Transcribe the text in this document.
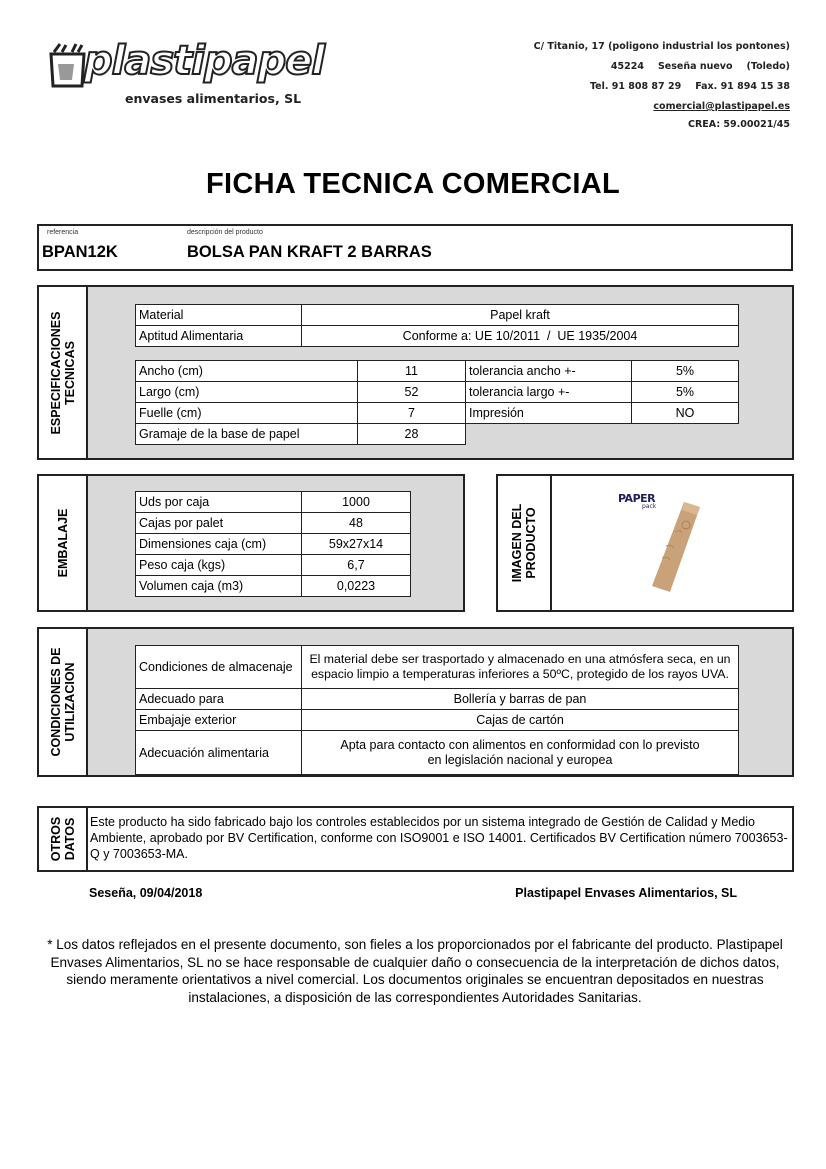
plastipapel
envases alimentarios, SL
C/ Titanio, 17 (poligono industrial los pontones)
45224 Seseña nuevo (Toledo)
Tel. 91 808 87 29 Fax. 91 894 15 38
comercial@plastipapel.es
CREA: 59.00021/45
FICHA TECNICA COMERCIAL
referencia
BPAN12K
descripción del producto
BOLSA PAN KRAFT 2 BARRAS
ESPECIFICACIONES TECNICAS
Material	Papel kraft
Aptitud Alimentaria	Conforme a: UE 10/2011  /  UE 1935/2004
Ancho (cm)	11	tolerancia ancho +-	5%
Largo (cm)	52	tolerancia largo +-	5%
Fuelle (cm)	7	Impresión	NO
Gramaje de la base de papel	28		
EMBALAJE
Uds por caja	1000
Cajas por palet	48
Dimensiones caja (cm)	59x27x14
Peso caja (kgs)	6,7
Volumen caja (m3)	0,0223
IMAGEN DEL PRODUCTO
PAPER
pack
CONDICIONES DE UTILIZACION	Condiciones de almacenaje	El material debe ser trasportado y almacenado en una atmósfera seca, en un espacio limpio a temperaturas inferiores a 50ºC, protegido de los rayos UVA.
Adecuado para	Bollería y barras de pan
Embajaje exterior	Cajas de cartón
Adecuación alimentaria	Apta para contacto con alimentos en conformidad con lo previsto en legislación nacional y europea
OTROS DATOS Este producto ha sido fabricado bajo los controles establecidos por un sistema integrado de Gestión de Calidad y Medio Ambiente, aprobado por BV Certification, conforme con ISO9001 e ISO 14001. Certificados BV Certification número 7003653-Q y 7003653-MA.
Seseña, 09/04/2018	Plastipapel Envases Alimentarios, SL
* Los datos reflejados en el presente documento, son fieles a los proporcionados por el fabricante del producto. Plastipapel Envases Alimentarios, SL no se hace responsable de cualquier daño o consecuencia de la interpretación de dichos datos, siendo meramente orientativos a nivel comercial. Los documentos originales se encuentran depositados en nuestras instalaciones, a disposición de las correspondientes Autoridades Sanitarias.
